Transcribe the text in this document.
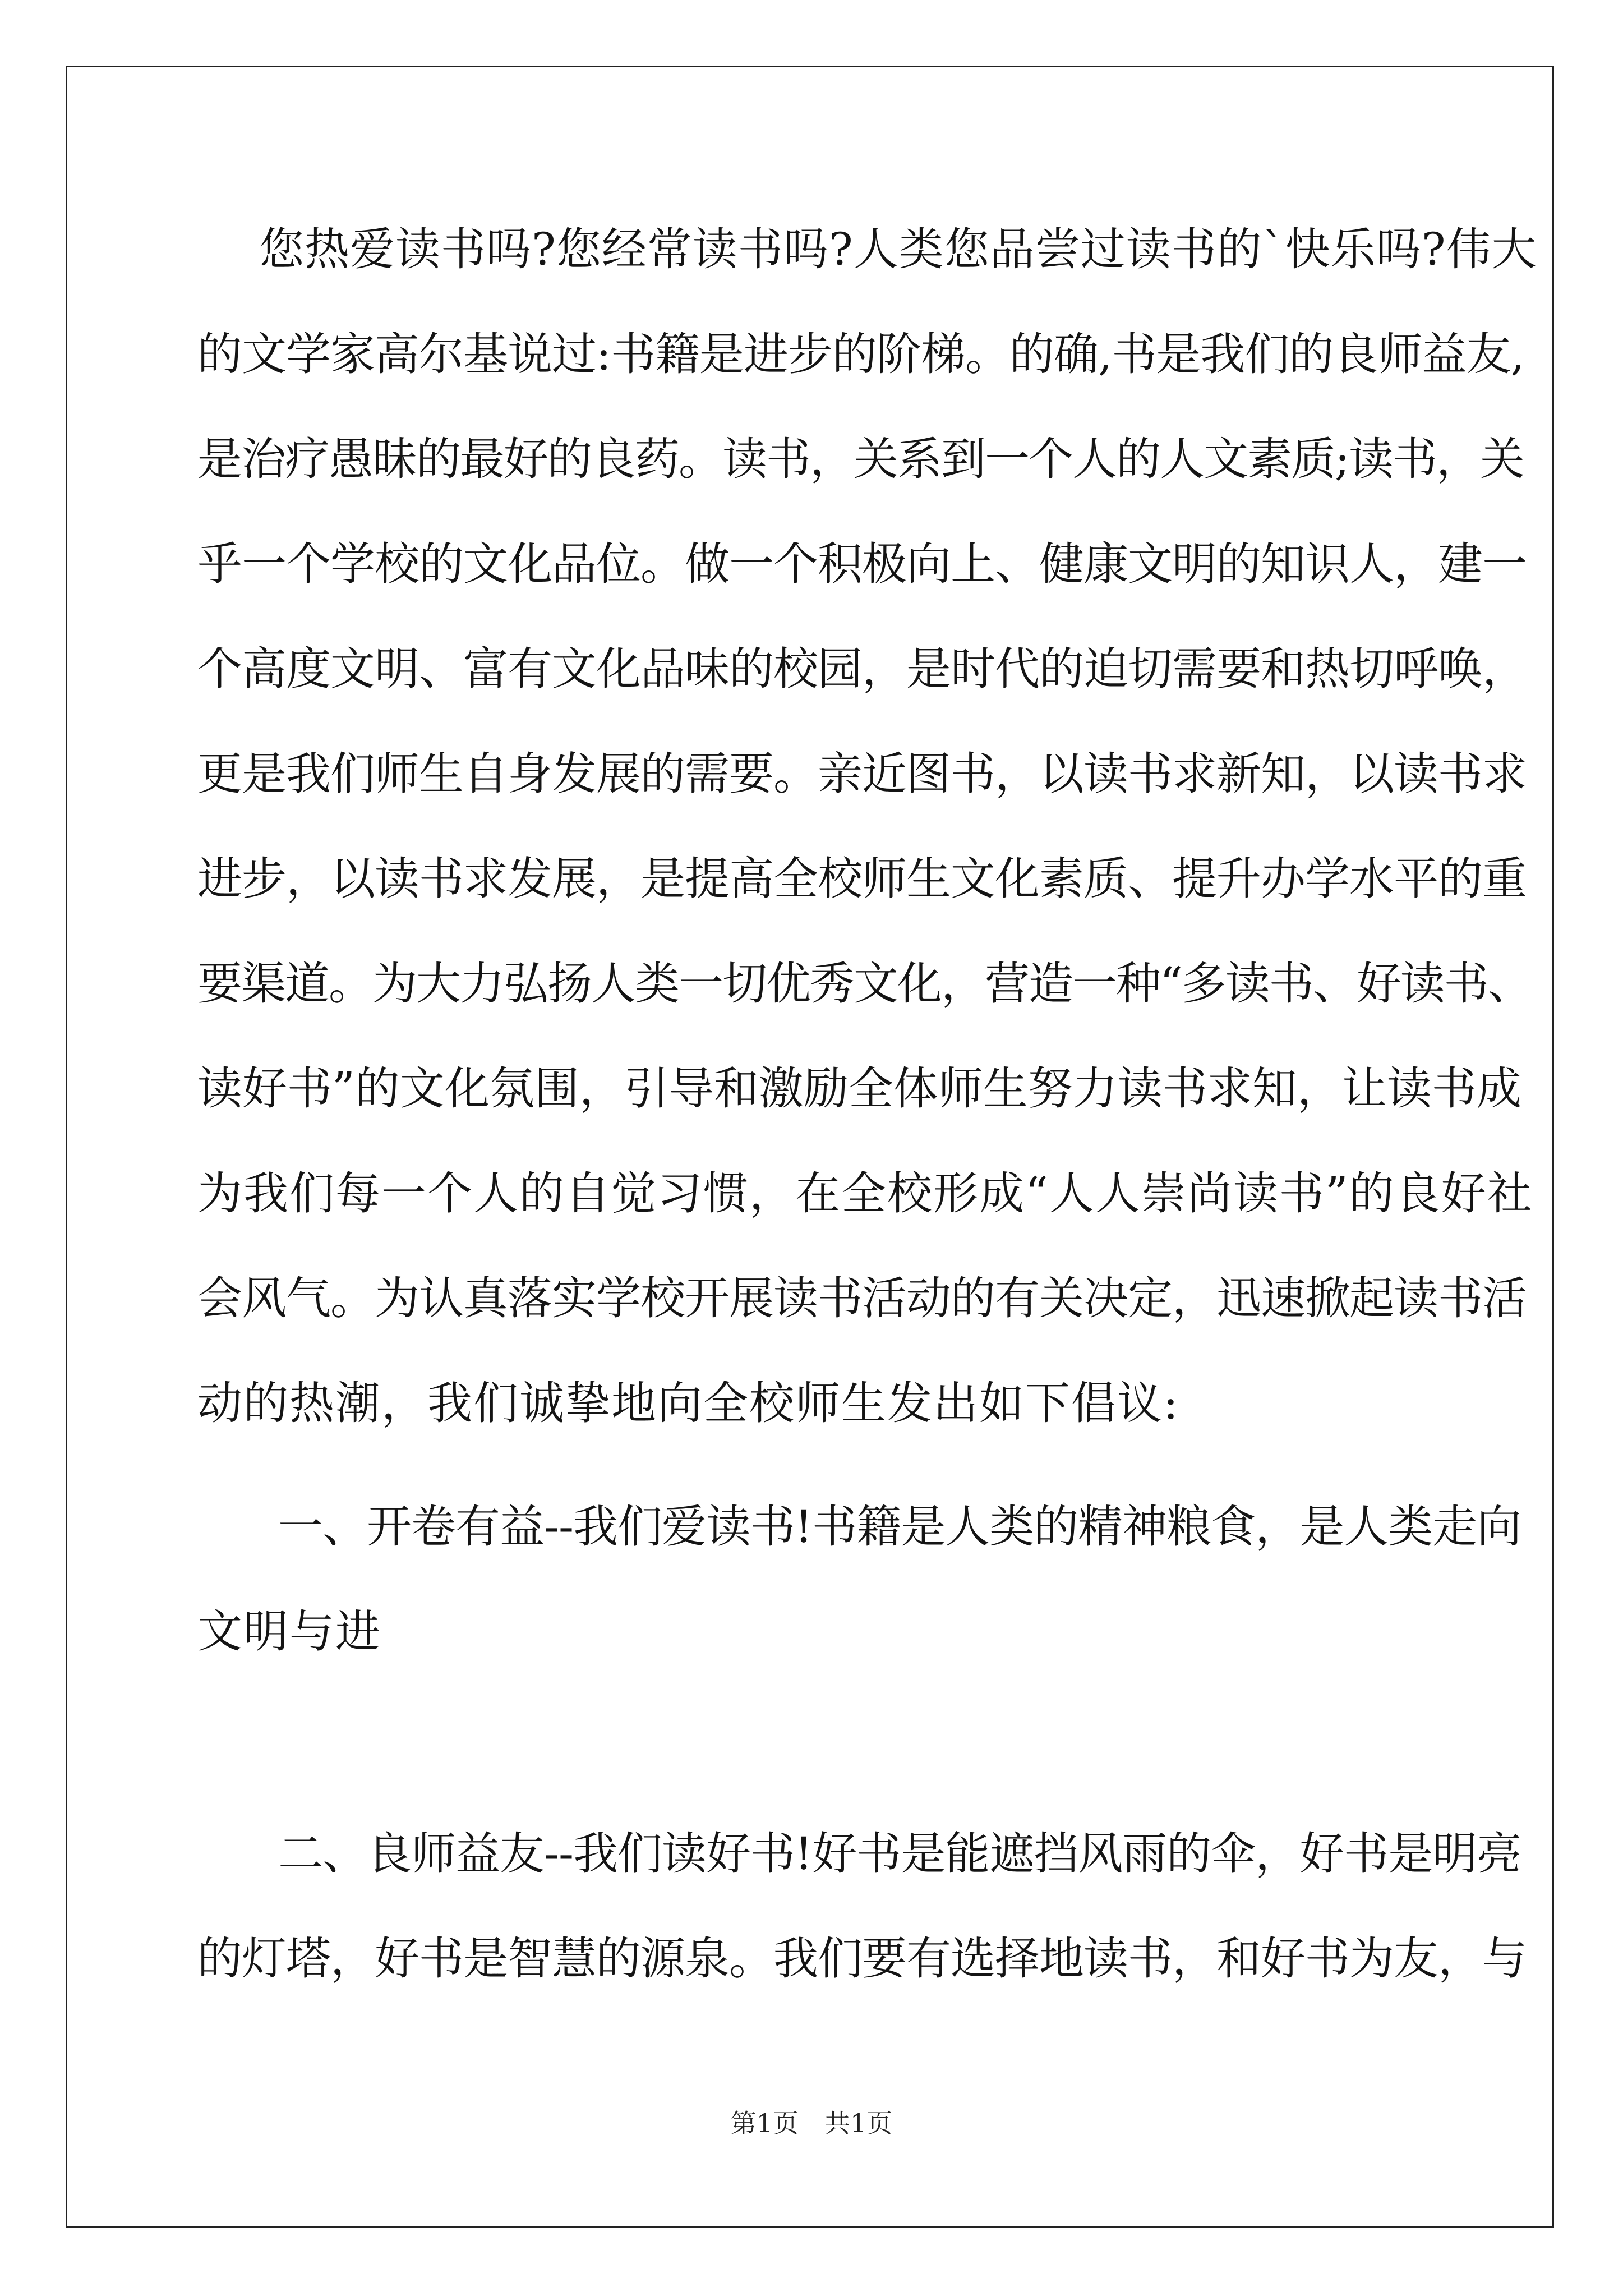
您热爱读书吗?您经常读书吗?人类您品尝过读书的`快乐吗?伟大

的文学家高尔基说过:书籍是进步的阶梯。的确,书是我们的良师益友,

是治疗愚昧的最好的良药。读书，关系到一个人的人文素质;读书，关

乎一个学校的文化品位。做一个积极向上、健康文明的知识人，建一

个高度文明、富有文化品味的校园，是时代的迫切需要和热切呼唤，

更是我们师生自身发展的需要。亲近图书，以读书求新知，以读书求

进步，以读书求发展，是提高全校师生文化素质、提升办学水平的重

要渠道。为大力弘扬人类一切优秀文化，营造一种“多读书、好读书、

读好书”的文化氛围，引导和激励全体师生努力读书求知，让读书成

为我们每一个人的自觉习惯，在全校形成“人人崇尚读书”的良好社

会风气。为认真落实学校开展读书活动的有关决定，迅速掀起读书活

动的热潮，我们诚挚地向全校师生发出如下倡议:

一、开卷有益--我们爱读书!书籍是人类的精神粮食，是人类走向

文明与进

二、良师益友--我们读好书!好书是能遮挡风雨的伞，好书是明亮

的灯塔，好书是智慧的源泉。我们要有选择地读书，和好书为友，与

第1页　共1页
